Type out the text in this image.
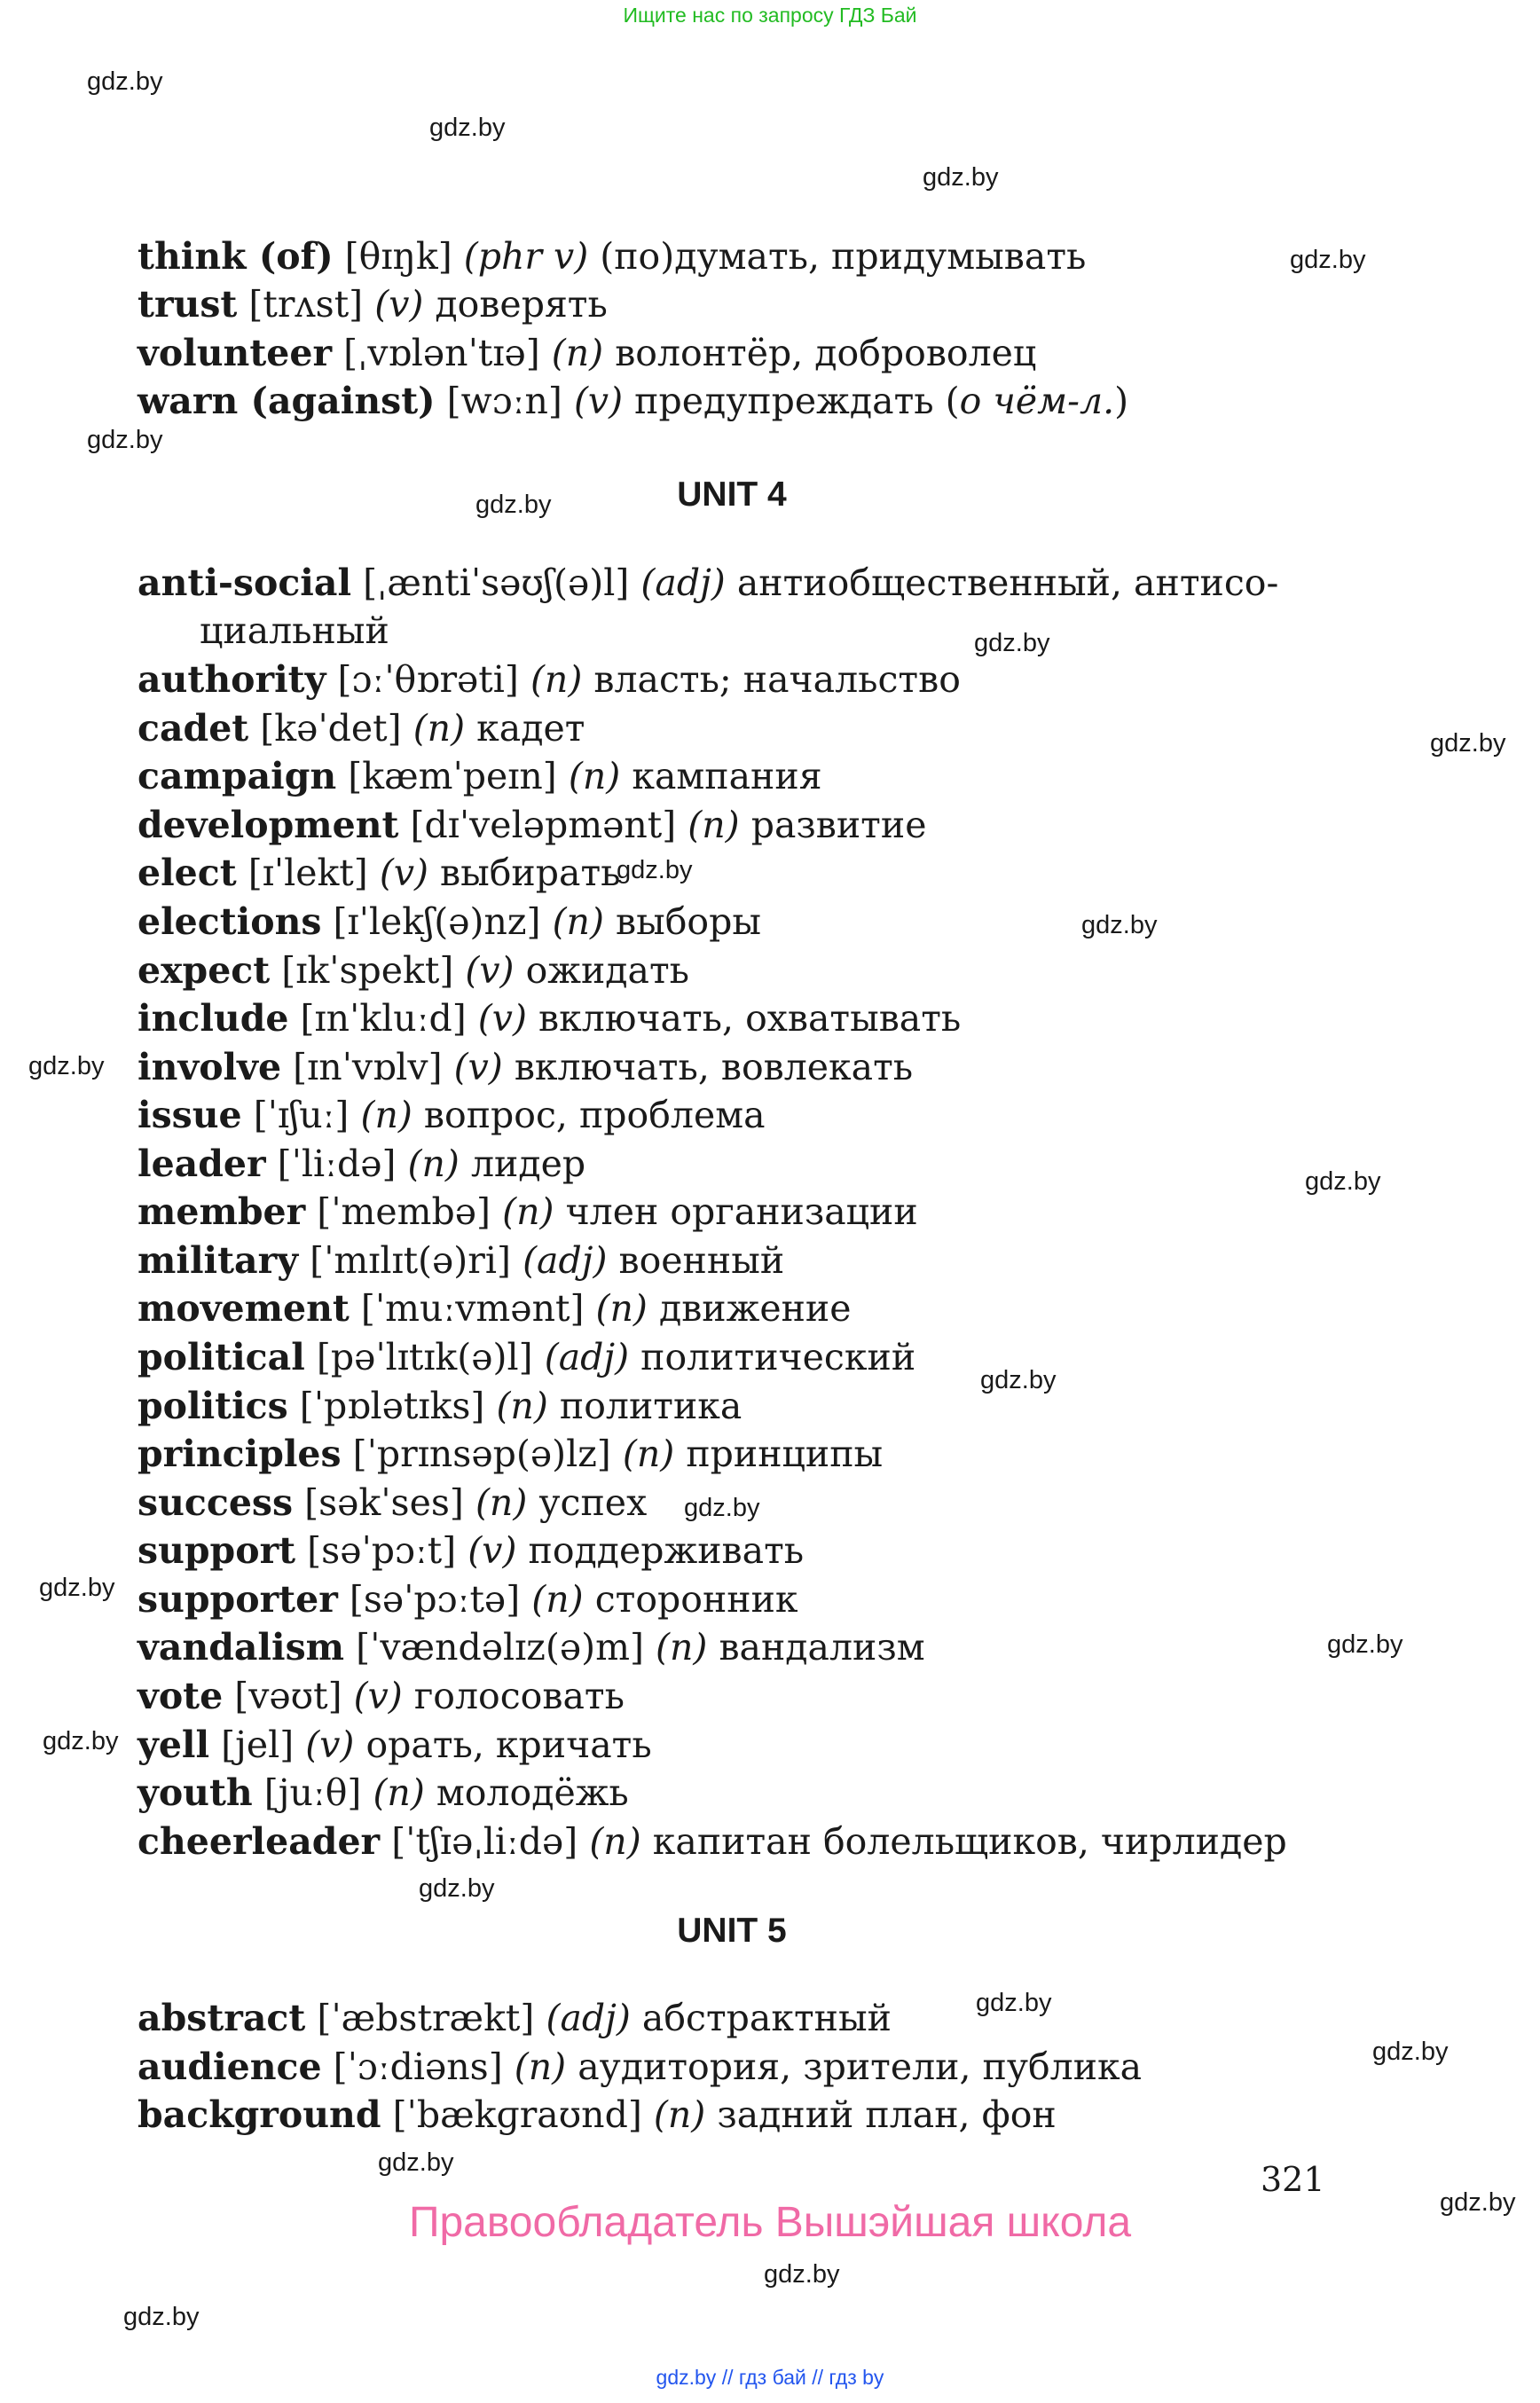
Ищите нас по запросу ГДЗ Бай
gdz.by
gdz.by
gdz.by
gdz.by
gdz.by
gdz.by
gdz.by
gdz.by
gdz.by
gdz.by
gdz.by
gdz.by
gdz.by
gdz.by
gdz.by
gdz.by
gdz.by
gdz.by
gdz.by
gdz.by
gdz.by
gdz.by
gdz.by
gdz.by
think (of) [θɪŋk] (phr v) (по)думать, придумывать
trust [trʌst] (v) доверять
volunteer [ˌvɒlənˈtɪə] (n) волонтёр, доброволец
warn (against) [wɔːn] (v) предупреждать (о чём-л.)
UNIT 4
anti-social [ˌæntiˈsəʊʃ(ə)l] (adj) антиобщественный, антисо-
циальный
authority [ɔːˈθɒrəti] (n) власть; начальство
cadet [kəˈdet] (n) кадет
campaign [kæmˈpeɪn] (n) кампания
development [dɪˈveləpmənt] (n) развитие
elect [ɪˈlekt] (v) выбирать
elections [ɪˈlekʃ(ə)nz] (n) выборы
expect [ɪkˈspekt] (v) ожидать
include [ɪnˈkluːd] (v) включать, охватывать
involve [ɪnˈvɒlv] (v) включать, вовлекать
issue [ˈɪʃuː] (n) вопрос, проблема
leader [ˈliːdə] (n) лидер
member [ˈmembə] (n) член организации
military [ˈmɪlɪt(ə)ri] (adj) военный
movement [ˈmuːvmənt] (n) движение
political [pəˈlɪtɪk(ə)l] (adj) политический
politics [ˈpɒlətɪks] (n) политика
principles [ˈprɪnsəp(ə)lz] (n) принципы
success [səkˈses] (n) успех
support [səˈpɔːt] (v) поддерживать
supporter [səˈpɔːtə] (n) сторонник
vandalism [ˈvændəlɪz(ə)m] (n) вандализм
vote [vəʊt] (v) голосовать
yell [jel] (v) орать, кричать
youth [juːθ] (n) молодёжь
cheerleader [ˈtʃɪəˌliːdə] (n) капитан болельщиков, чирлидер
UNIT 5
abstract [ˈæbstrækt] (adj) абстрактный
audience [ˈɔːdiəns] (n) аудитория, зрители, публика
background [ˈbækɡraʊnd] (n) задний план, фон
321
Правообладатель Вышэйшая школа
gdz.by // гдз бай // гдз by
